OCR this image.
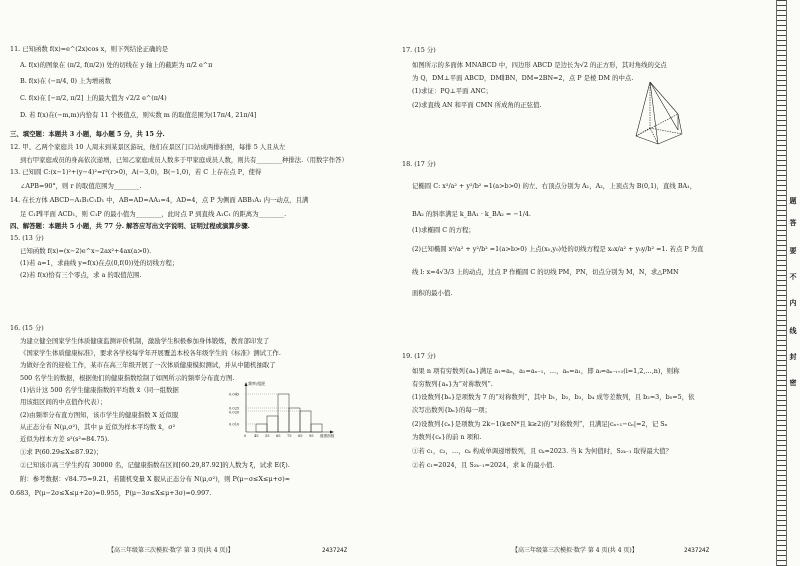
11. 已知函数 f(x)=e^(2x)cos x，则下列结论正确的是
A. f(x)的图象在 (π/2, f(π/2)) 处的切线在 y 轴上的截距为 π/2 e^π
B. f(x)在 (−π/4, 0) 上为增函数
C. f(x)在 [−π/2, π/2] 上的最大值为 √2/2 e^(π/4)
D. 若 f(x)在(−m,m)内恰有 11 个极值点，则实数 m 的取值范围为(17π/4, 21π/4]
三、填空题：本题共 3 小题，每小题 5 分，共 15 分.
12. 甲、乙两个家庭共 10 人周末到某景区游玩，他们在景区门口站成两排拍照，每排 5 人且从左
到右甲家庭成员的身高依次递增，已知乙家庭成员人数多于甲家庭成员人数，则共有________种排法.（用数字作答）
13. 已知圆 C:(x−1)²+(y−4)²=r²(r>0)，A(−3,0)，B(−1,0)，若 C 上存在点 P，使得
∠APB=90°，则 r 的取值范围为________.
14. 在长方体 ABCD−A₁B₁C₁D₁ 中，AB=AD=AA₁=4，AD=4，点 P 为侧面 ABB₁A₁ 内一动点，且满
足 C₁P∥平面 ACD₁，则 C₁P 的最小值为________，此时点 P 到直线 A₁C₁ 的距离为________.
四、解答题：本题共 5 小题，共 77 分. 解答应写出文字说明、证明过程或演算步骤.
15. (13 分)
已知函数 f(x)=(x−2)e^x−2ax²+4ax(a>0).
(1)若 a=1，求曲线 y=f(x)在点(0,f(0))处的切线方程；
(2)若 f(x)恰有三个零点，求 a 的取值范围.
16. (15 分)
为建立健全国家学生体质健康监测评价机制，激励学生积极参加身体锻炼，教育部印发了
《国家学生体质健康标准》，要求各学校每学年开展覆盖本校各年级学生的《标准》测试工作.
为做好全省的迎检工作，某市在高三年级开展了一次体质健康模拟测试，并从中随机抽取了
500 名学生的数据，根据他们的健康指数绘制了如图所示的频率分布直方图.
(1)估计这 500 名学生健康指数的平均数 x̄（同一组数据
用该组区间的中点值作代表）；
(2)由频率分布直方图知，该市学生的健康指数 X 近似服
从正态分布 N(μ,σ²)，其中 μ 近似为样本平均数 x̄，σ²
近似为样本方差 s²(s²=84.75).
①求 P(60.29≤X≤87.92)；
②已知该市高三学生约有 30000 名，记健康指数在区间[60.29,87.92]的人数为 ξ，试求 E(ξ).
附：参考数据：√84.75≈9.21，若随机变量 X 服从正态分布 N(μ,σ²)，则 P(μ−σ≤X≤μ+σ)≈
0.683，P(μ−2σ≤X≤μ+2σ)≈0.955，P(μ−3σ≤X≤μ+3σ)≈0.997.
频率/组距
0.045
0.025
0.020
0.010
0 45 55 65 75 85 95 健康指数
【高三年级第三次模拟·数学 第 3 页(共 4 页)】	243724Z
17. (15 分)
如图所示的多面体 MNABCD 中，四边形 ABCD 是边长为√2 的正方形，其对角线的交点
为 Q，DM⊥平面 ABCD，DM∥BN，DM=2BN=2，点 P 是棱 DM 的中点.
(1)求证：PQ⊥平面 ANC；
(2)求直线 AN 和平面 CMN 所成角的正弦值.
18. (17 分)
记椭圆 C: x²/a² + y²/b² =1(a>b>0) 的左、右顶点分别为 A₁，A₂，上顶点为 B(0,1)，直线 BA₁，
BA₂ 的斜率满足 k_BA₁ · k_BA₂ = −1/4.
(1)求椭圆 C 的方程；
(2)已知椭圆 x²/a² + y²/b² =1(a>b>0) 上点(x₀,y₀)处的切线方程是 x₀x/a² + y₀y/b² =1. 若点 P 为直
线 l: x=4√3/3 上的动点，过点 P 作椭圆 C 的切线 PM，PN，切点分别为 M，N，求△PMN
面积的最小值.
19. (17 分)
如果 n 项有穷数列{aₙ}满足 a₁=aₙ，a₂=aₙ₋₁，…，aₙ=a₁，即 aᵢ=aₙ₋ᵢ₊₁(i=1,2,…,n)，则称
有穷数列{aₙ}为“对称数列”.
(1)设数列{bₙ}是项数为 7 的“对称数列”，其中 b₁，b₂，b₃，b₄ 成等差数列，且 b₂=3，b₅=5，依
次写出数列{bₙ}的每一项；
(2)设数列{cₙ}是项数为 2k−1(k∈N*且 k≥2)的“对称数列”，且满足|cₙ₊₁−cₙ|=2，记 Sₙ
为数列{cₙ}的前 n 项和.
①若 c₁，c₂，…，cₖ 构成单调递增数列，且 cₖ=2023. 当 k 为何值时，S₂ₖ₋₁ 取得最大值？
②若 c₁=2024，且 S₂ₖ₋₁=2024，求 k 的最小值.
【高三年级第三次模拟·数学 第 4 页(共 4 页)】	243724Z
题
答
要
不
内
线
封
密
